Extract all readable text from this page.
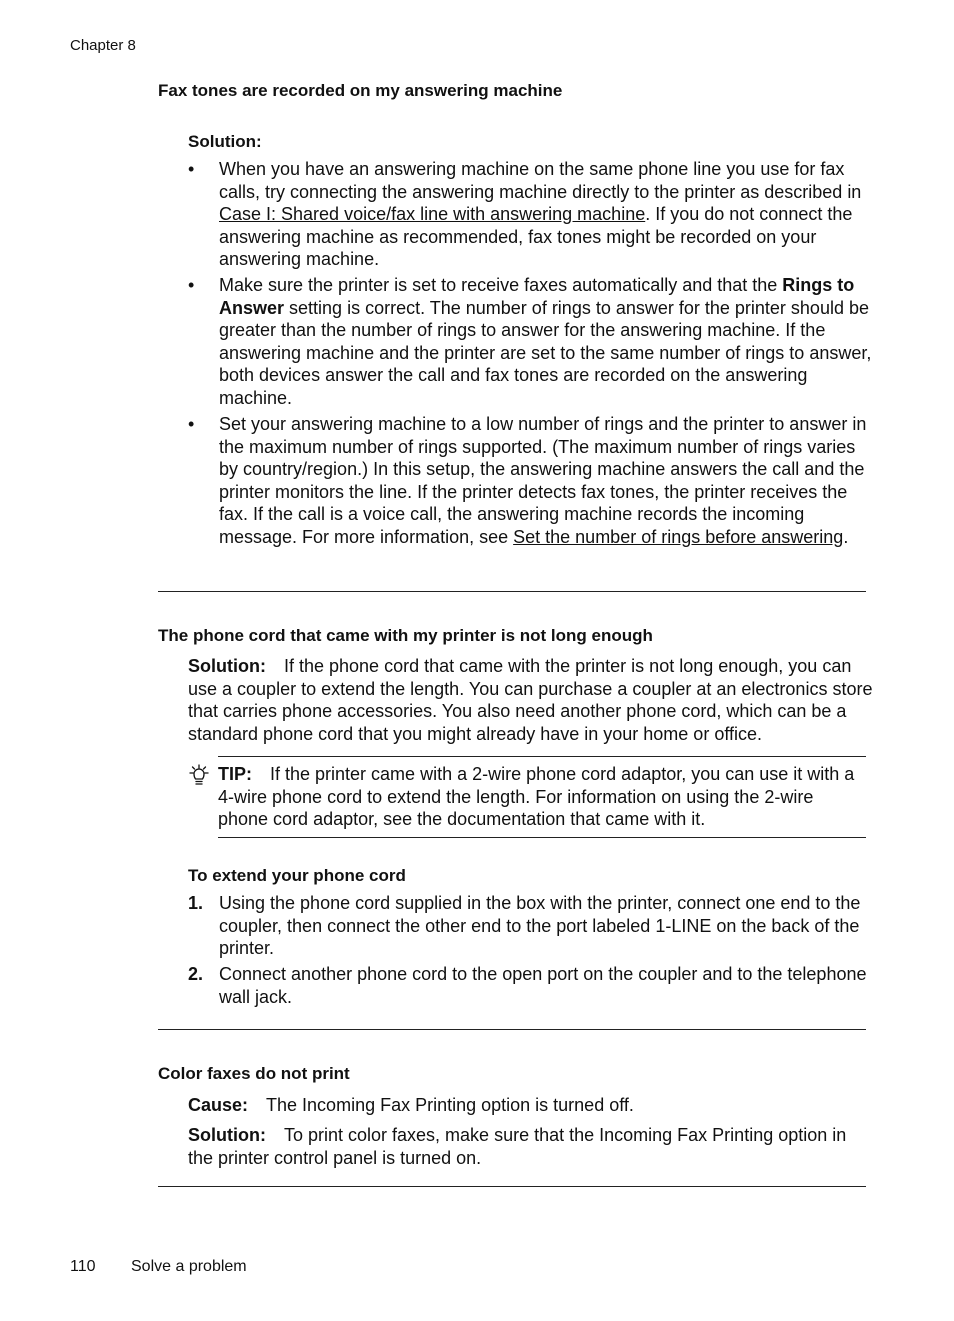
Chapter 8
Fax tones are recorded on my answering machine
Solution:
• When you have an answering machine on the same phone line you use for fax calls, try connecting the answering machine directly to the printer as described in Case I: Shared voice/fax line with answering machine. If you do not connect the answering machine as recommended, fax tones might be recorded on your answering machine.
• Make sure the printer is set to receive faxes automatically and that the Rings to Answer setting is correct. The number of rings to answer for the printer should be greater than the number of rings to answer for the answering machine. If the answering machine and the printer are set to the same number of rings to answer, both devices answer the call and fax tones are recorded on the answering machine.
• Set your answering machine to a low number of rings and the printer to answer in the maximum number of rings supported. (The maximum number of rings varies by country/region.) In this setup, the answering machine answers the call and the printer monitors the line. If the printer detects fax tones, the printer receives the fax. If the call is a voice call, the answering machine records the incoming message. For more information, see Set the number of rings before answering.
The phone cord that came with my printer is not long enough
Solution: If the phone cord that came with the printer is not long enough, you can use a coupler to extend the length. You can purchase a coupler at an electronics store that carries phone accessories. You also need another phone cord, which can be a standard phone cord that you might already have in your home or office.
TIP: If the printer came with a 2-wire phone cord adaptor, you can use it with a 4-wire phone cord to extend the length. For information on using the 2-wire phone cord adaptor, see the documentation that came with it.
To extend your phone cord
1. Using the phone cord supplied in the box with the printer, connect one end to the coupler, then connect the other end to the port labeled 1-LINE on the back of the printer.
2. Connect another phone cord to the open port on the coupler and to the telephone wall jack.
Color faxes do not print
Cause: The Incoming Fax Printing option is turned off.
Solution: To print color faxes, make sure that the Incoming Fax Printing option in the printer control panel is turned on.
110 Solve a problem
